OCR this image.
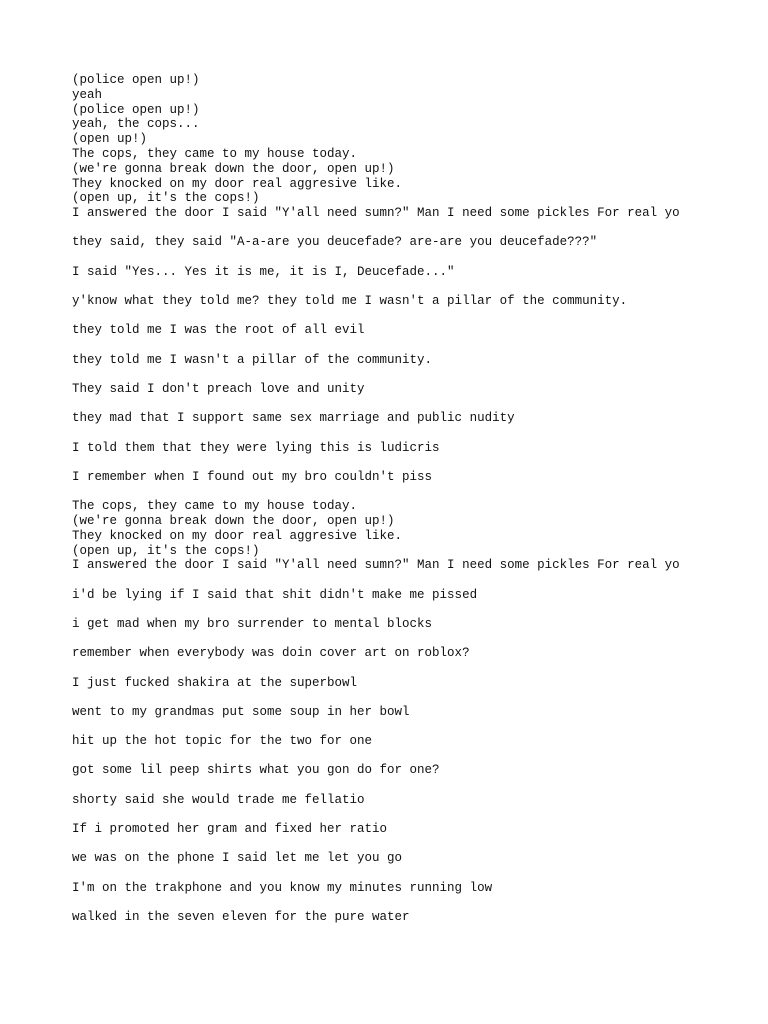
(police open up!)
yeah
(police open up!)
yeah, the cops...
(open up!)
The cops, they came to my house today.
(we're gonna break down the door, open up!)
They knocked on my door real aggresive like.
(open up, it's the cops!)
I answered the door I said "Y'all need sumn?" Man I need some pickles For real yo
they said, they said "A-a-are you deucefade? are-are you deucefade???"
I said "Yes... Yes it is me, it is I, Deucefade..."
y'know what they told me? they told me I wasn't a pillar of the community.
they told me I was the root of all evil
they told me I wasn't a pillar of the community.
They said I don't preach love and unity
they mad that I support same sex marriage and public nudity
I told them that they were lying this is ludicris
I remember when I found out my bro couldn't piss
The cops, they came to my house today.
(we're gonna break down the door, open up!)
They knocked on my door real aggresive like.
(open up, it's the cops!)
I answered the door I said "Y'all need sumn?" Man I need some pickles For real yo
i'd be lying if I said that shit didn't make me pissed
i get mad when my bro surrender to mental blocks
remember when everybody was doin cover art on roblox?
I just fucked shakira at the superbowl
went to my grandmas put some soup in her bowl
hit up the hot topic for the two for one
got some lil peep shirts what you gon do for one?
shorty said she would trade me fellatio
If i promoted her gram and fixed her ratio
we was on the phone I said let me let you go
I'm on the trakphone and you know my minutes running low
walked in the seven eleven for the pure water
